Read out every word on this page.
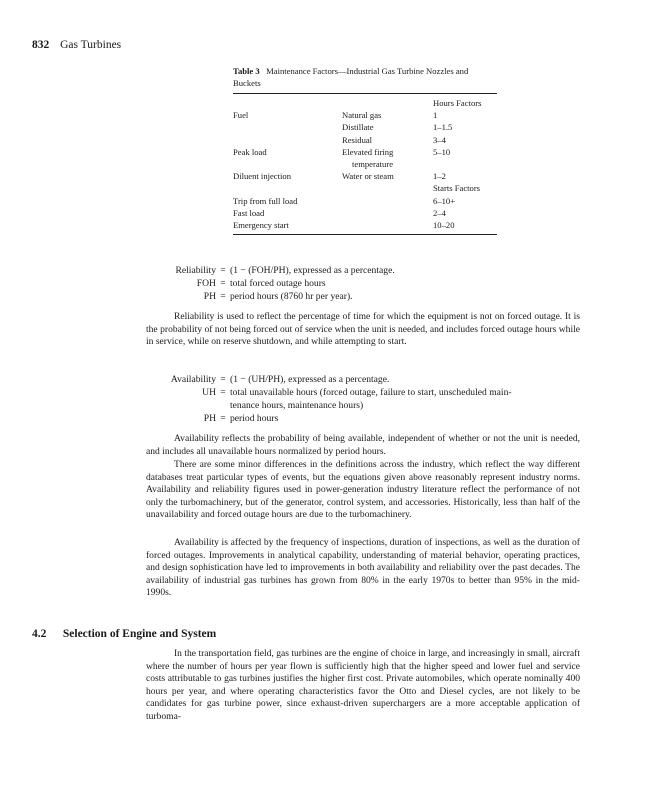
832 Gas Turbines
Table 3 Maintenance Factors—Industrial Gas Turbine Nozzles and Buckets
		Hours Factors
Fuel	Natural gas	1
	Distillate	1–1.5
	Residual	3–4
Peak load	Elevated firing	5–10
	temperature	
Diluent injection	Water or steam	1–2
		Starts Factors
Trip from full load		6–10+
Fast load		2–4
Emergency start		10–20
Reliability = (1 − (FOH/PH), expressed as a percentage.
FOH = total forced outage hours
PH = period hours (8760 hr per year).

Reliability is used to reflect the percentage of time for which the equipment is not on forced outage. It is the probability of not being forced out of service when the unit is needed, and includes forced outage hours while in service, while on reserve shutdown, and while attempting to start.

Availability = (1 − (UH/PH), expressed as a percentage.
UH = total unavailable hours (forced outage, failure to start, unscheduled main-
tenance hours, maintenance hours)
PH = period hours

Availability reflects the probability of being available, independent of whether or not the unit is needed, and includes all unavailable hours normalized by period hours.

There are some minor differences in the definitions across the industry, which reflect the way different databases treat particular types of events, but the equations given above reasonably represent industry norms. Availability and reliability figures used in power-generation industry literature reflect the performance of not only the turbomachinery, but of the generator, control system, and accessories. Historically, less than half of the unavailability and forced outage hours are due to the turbomachinery.

Availability is affected by the frequency of inspections, duration of inspections, as well as the duration of forced outages. Improvements in analytical capability, understanding of material behavior, operating practices, and design sophistication have led to improvements in both availability and reliability over the past decades. The availability of industrial gas turbines has grown from 80% in the early 1970s to better than 95% in the mid-1990s.

4.2 Selection of Engine and System

In the transportation field, gas turbines are the engine of choice in large, and increasingly in small, aircraft where the number of hours per year flown is sufficiently high that the higher speed and lower fuel and service costs attributable to gas turbines justifies the higher first cost. Private automobiles, which operate nominally 400 hours per year, and where operating characteristics favor the Otto and Diesel cycles, are not likely to be candidates for gas turbine power, since exhaust-driven superchargers are a more acceptable application of turboma-
